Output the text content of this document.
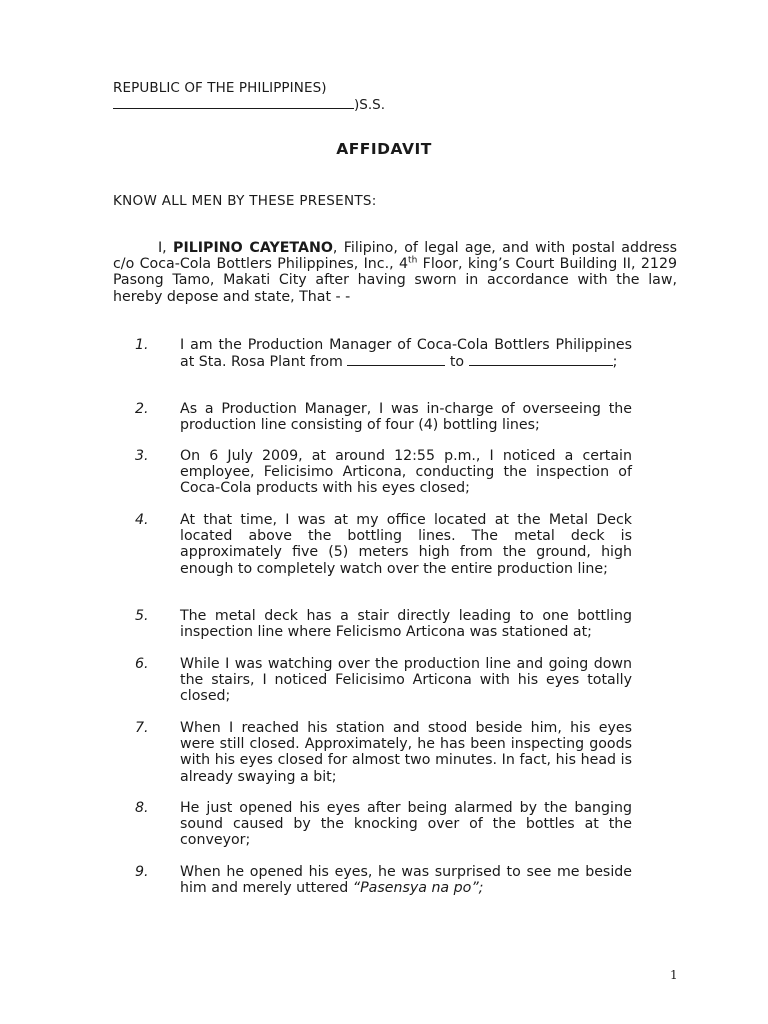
REPUBLIC OF THE PHILIPPINES)
)S.S.
AFFIDAVIT
KNOW ALL MEN BY THESE PRESENTS:

I, PILIPINO CAYETANO, Filipino, of legal age, and with postal address c/o Coca-Cola Bottlers Philippines, Inc., 4th Floor, king’s Court Building II, 2129 Pasong Tamo, Makati City after having sworn in accordance with the law, hereby depose and state, That - -

1.	I am the Production Manager of Coca-Cola Bottlers Philippines at Sta. Rosa Plant from	to	;
2.	As a Production Manager, I was in-charge of overseeing the production line consisting of four (4) bottling lines;
3.	On 6 July 2009, at around 12:55 p.m., I noticed a certain employee, Felicisimo Articona, conducting the inspection of Coca-Cola products with his eyes closed;
4.	At that time, I was at my office located at the Metal Deck located above the bottling lines. The metal deck is approximately five (5) meters high from the ground, high enough to completely watch over the entire production line;
5.	The metal deck has a stair directly leading to one bottling inspection line where Felicismo Articona was stationed at;
6.	While I was watching over the production line and going down the stairs, I noticed Felicisimo Articona with his eyes totally closed;
7.	When I reached his station and stood beside him, his eyes were still closed. Approximately, he has been inspecting goods with his eyes closed for almost two minutes. In fact, his head is already swaying a bit;
8.	He just opened his eyes after being alarmed by the banging sound caused by the knocking over of the bottles at the conveyor;
9.	When he opened his eyes, he was surprised to see me beside him and merely uttered “Pasensya na po”;
1
